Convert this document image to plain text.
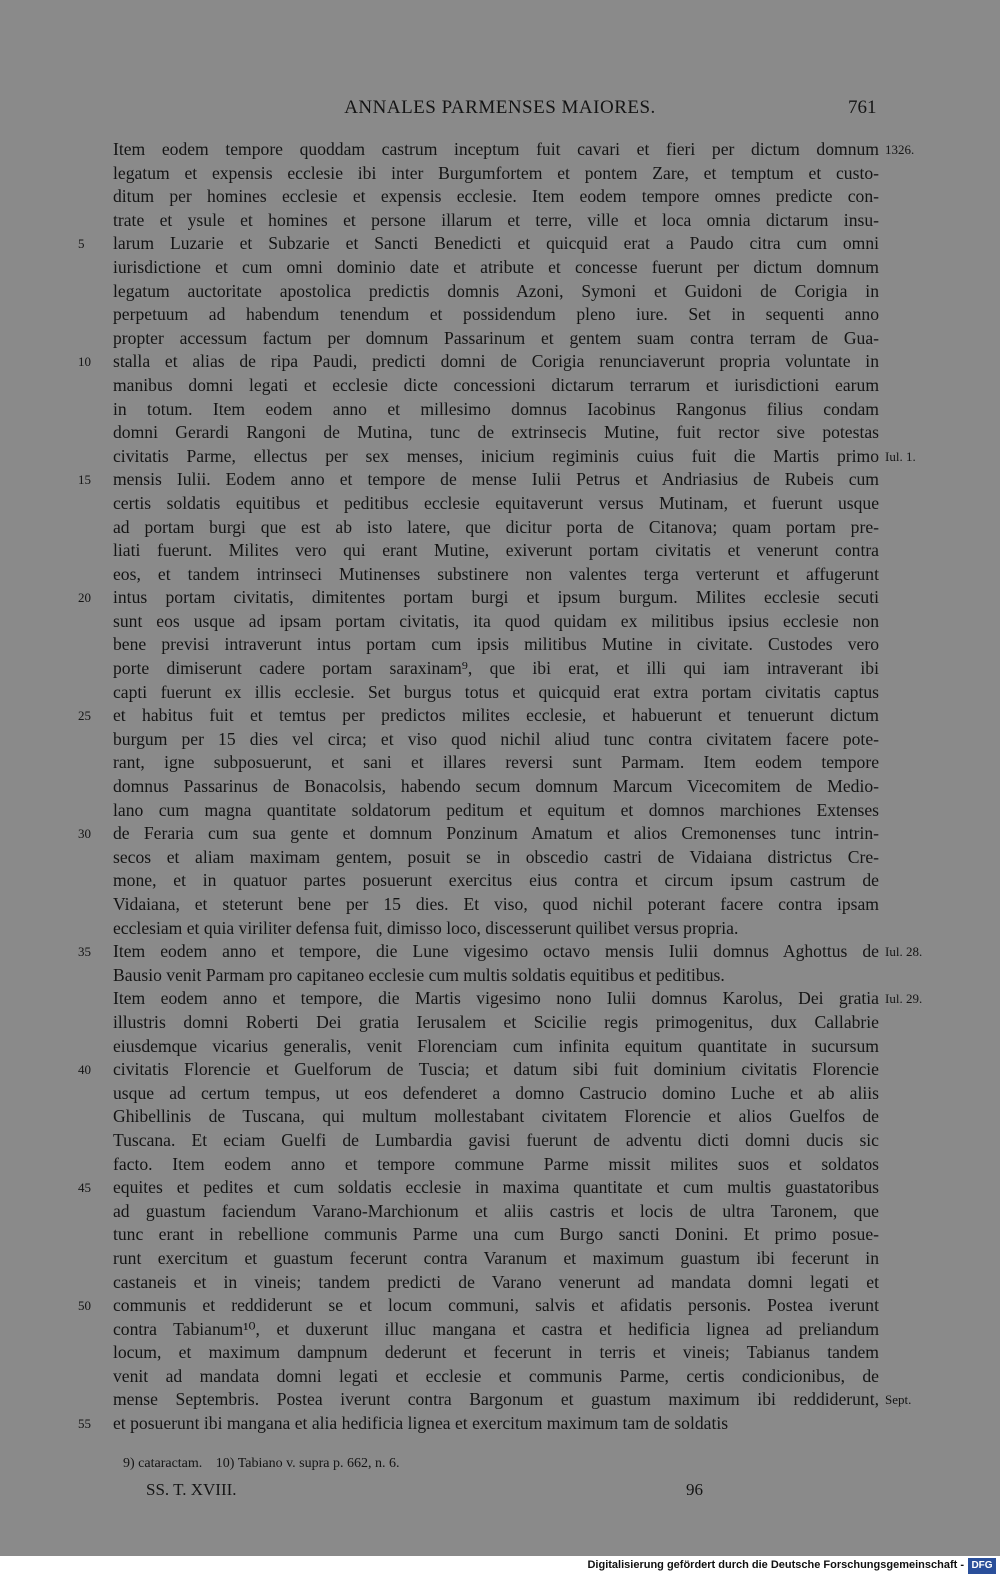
ANNALES PARMENSES MAIORES.	761
Item eodem tempore quoddam castrum inceptum fuit cavari et fieri per dictum domnum 1326.
legatum et expensis ecclesie ibi inter Burgumfortem et pontem Zare, et temptum et custo-
ditum per homines ecclesie et expensis ecclesie. Item eodem tempore omnes predicte con-
trate et ysule et homines et persone illarum et terre, ville et loca omnia dictarum insu-
5	larum Luzarie et Subzarie et Sancti Benedicti et quicquid erat a Paudo citra cum omni
iurisdictione et cum omni dominio date et atribute et concesse fuerunt per dictum domnum
legatum auctoritate apostolica predictis domnis Azoni, Symoni et Guidoni de Corigia in
perpetuum ad habendum tenendum et possidendum pleno iure. Set in sequenti anno
propter accessum factum per domnum Passarinum et gentem suam contra terram de Gua-
10	stalla et alias de ripa Paudi, predicti domni de Corigia renunciaverunt propria voluntate in
manibus domni legati et ecclesie dicte concessioni dictarum terrarum et iurisdictioni earum
in totum. Item eodem anno et millesimo domnus Iacobinus Rangonus filius condam
domni Gerardi Rangoni de Mutina, tunc de extrinsecis Mutine, fuit rector sive potestas
civitatis Parme, ellectus per sex menses, inicium regiminis cuius fuit die Martis primo Iul. 1.
15	mensis Iulii. Eodem anno et tempore de mense Iulii Petrus et Andriasius de Rubeis cum
certis soldatis equitibus et peditibus ecclesie equitaverunt versus Mutinam, et fuerunt usque
ad portam burgi que est ab isto latere, que dicitur porta de Citanova; quam portam pre-
liati fuerunt. Milites vero qui erant Mutine, exiverunt portam civitatis et venerunt contra
eos, et tandem intrinseci Mutinenses substinere non valentes terga verterunt et affugerunt
20	intus portam civitatis, dimitentes portam burgi et ipsum burgum. Milites ecclesie secuti
sunt eos usque ad ipsam portam civitatis, ita quod quidam ex militibus ipsius ecclesie non
bene previsi intraverunt intus portam cum ipsis militibus Mutine in civitate. Custodes vero
porte dimiserunt cadere portam saraxinam⁹, que ibi erat, et illi qui iam intraverant ibi
capti fuerunt ex illis ecclesie. Set burgus totus et quicquid erat extra portam civitatis captus
25	et habitus fuit et temtus per predictos milites ecclesie, et habuerunt et tenuerunt dictum
burgum per 15 dies vel circa; et viso quod nichil aliud tunc contra civitatem facere pote-
rant, igne subposuerunt, et sani et illares reversi sunt Parmam. Item eodem tempore
domnus Passarinus de Bonacolsis, habendo secum domnum Marcum Vicecomitem de Medio-
lano cum magna quantitate soldatorum peditum et equitum et domnos marchiones Extenses
30	de Feraria cum sua gente et domnum Ponzinum Amatum et alios Cremonenses tunc intrin-
secos et aliam maximam gentem, posuit se in obscedio castri de Vidaiana districtus Cre-
mone, et in quatuor partes posuerunt exercitus eius contra et circum ipsum castrum de
Vidaiana, et steterunt bene per 15 dies. Et viso, quod nichil poterant facere contra ipsam
ecclesiam et quia viriliter defensa fuit, dimisso loco, discesserunt quilibet versus propria.
35	Item eodem anno et tempore, die Lune vigesimo octavo mensis Iulii domnus Aghottus de Iul. 28.
Bausio venit Parmam pro capitaneo ecclesie cum multis soldatis equitibus et peditibus.
Item eodem anno et tempore, die Martis vigesimo nono Iulii domnus Karolus, Dei gratia Iul. 29.
illustris domni Roberti Dei gratia Ierusalem et Scicilie regis primogenitus, dux Callabrie
eiusdemque vicarius generalis, venit Florenciam cum infinita equitum quantitate in sucursum
40	civitatis Florencie et Guelforum de Tuscia; et datum sibi fuit dominium civitatis Florencie
usque ad certum tempus, ut eos defenderet a domno Castrucio domino Luche et ab aliis
Ghibellinis de Tuscana, qui multum mollestabant civitatem Florencie et alios Guelfos de
Tuscana. Et eciam Guelfi de Lumbardia gavisi fuerunt de adventu dicti domni ducis sic
facto. Item eodem anno et tempore commune Parme missit milites suos et soldatos
45	equites et pedites et cum soldatis ecclesie in maxima quantitate et cum multis guastatoribus
ad guastum faciendum Varano-Marchionum et aliis castris et locis de ultra Taronem, que
tunc erant in rebellione communis Parme una cum Burgo sancti Donini. Et primo posue-
runt exercitum et guastum fecerunt contra Varanum et maximum guastum ibi fecerunt in
castaneis et in vineis; tandem predicti de Varano venerunt ad mandata domni legati et
50	communis et reddiderunt se et locum communi, salvis et afidatis personis. Postea iverunt
contra Tabianum¹⁰, et duxerunt illuc mangana et castra et hedificia lignea ad preliandum
locum, et maximum dampnum dederunt et fecerunt in terris et vineis; Tabianus tandem
venit ad mandata domni legati et ecclesie et communis Parme, certis condicionibus, de
mense Septembris. Postea iverunt contra Bargonum et guastum maximum ibi reddiderunt, Sept.
55	et posuerunt ibi mangana et alia hedificia lignea et exercitum maximum tam de soldatis
9) cataractam. 10) Tabiano v. supra p. 662, n. 6.
SS. T. XVIII.	96
Digitalisierung gefördert durch die Deutsche Forschungsgemeinschaft - DFG
